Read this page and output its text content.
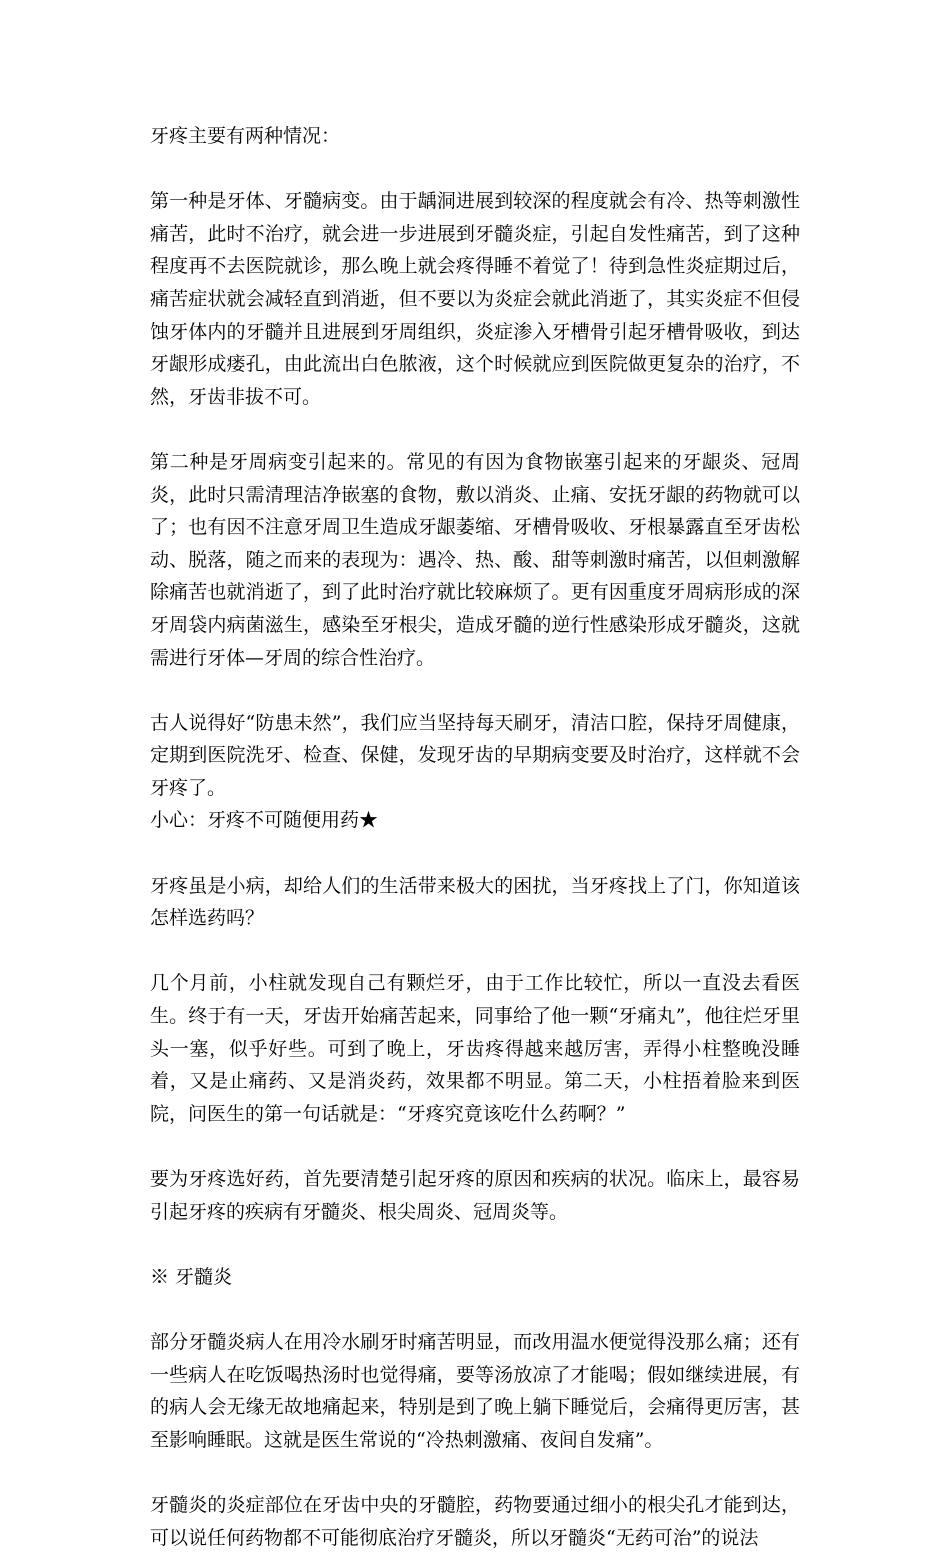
牙疼主要有两种情况：

第一种是牙体、牙髓病变。由于龋洞进展到较深的程度就会有冷、热等刺激性痛苦，此时不治疗，就会进一步进展到牙髓炎症，引起自发性痛苦，到了这种程度再不去医院就诊，那么晚上就会疼得睡不着觉了！待到急性炎症期过后，痛苦症状就会减轻直到消逝，但不要以为炎症会就此消逝了，其实炎症不但侵蚀牙体内的牙髓并且进展到牙周组织，炎症渗入牙槽骨引起牙槽骨吸收，到达牙龈形成瘘孔，由此流出白色脓液，这个时候就应到医院做更复杂的治疗，不然，牙齿非拔不可。

第二种是牙周病变引起来的。常见的有因为食物嵌塞引起来的牙龈炎、冠周炎，此时只需清理洁净嵌塞的食物，敷以消炎、止痛、安抚牙龈的药物就可以了；也有因不注意牙周卫生造成牙龈萎缩、牙槽骨吸收、牙根暴露直至牙齿松动、脱落，随之而来的表现为：遇冷、热、酸、甜等刺激时痛苦，以但刺激解除痛苦也就消逝了，到了此时治疗就比较麻烦了。更有因重度牙周病形成的深牙周袋内病菌滋生，感染至牙根尖，造成牙髓的逆行性感染形成牙髓炎，这就需进行牙体—牙周的综合性治疗。

古人说得好“防患未然”，我们应当坚持每天刷牙，清洁口腔，保持牙周健康，定期到医院洗牙、检查、保健，发现牙齿的早期病变要及时治疗，这样就不会牙疼了。

小心：牙疼不可随便用药★

牙疼虽是小病，却给人们的生活带来极大的困扰，当牙疼找上了门，你知道该怎样选药吗？

几个月前，小柱就发现自己有颗烂牙，由于工作比较忙，所以一直没去看医生。终于有一天，牙齿开始痛苦起来，同事给了他一颗“牙痛丸”，他往烂牙里头一塞，似乎好些。可到了晚上，牙齿疼得越来越厉害，弄得小柱整晚没睡着，又是止痛药、又是消炎药，效果都不明显。第二天，小柱捂着脸来到医院，问医生的第一句话就是：“牙疼究竟该吃什么药啊？”

要为牙疼选好药，首先要清楚引起牙疼的原因和疾病的状况。临床上，最容易引起牙疼的疾病有牙髓炎、根尖周炎、冠周炎等。

※ 牙髓炎

部分牙髓炎病人在用冷水刷牙时痛苦明显，而改用温水便觉得没那么痛；还有一些病人在吃饭喝热汤时也觉得痛，要等汤放凉了才能喝；假如继续进展，有的病人会无缘无故地痛起来，特别是到了晚上躺下睡觉后，会痛得更厉害，甚至影响睡眠。这就是医生常说的“冷热刺激痛、夜间自发痛”。

牙髓炎的炎症部位在牙齿中央的牙髓腔，药物要通过细小的根尖孔才能到达，可以说任何药物都不可能彻底治疗牙髓炎，所以牙髓炎“无药可治”的说法
